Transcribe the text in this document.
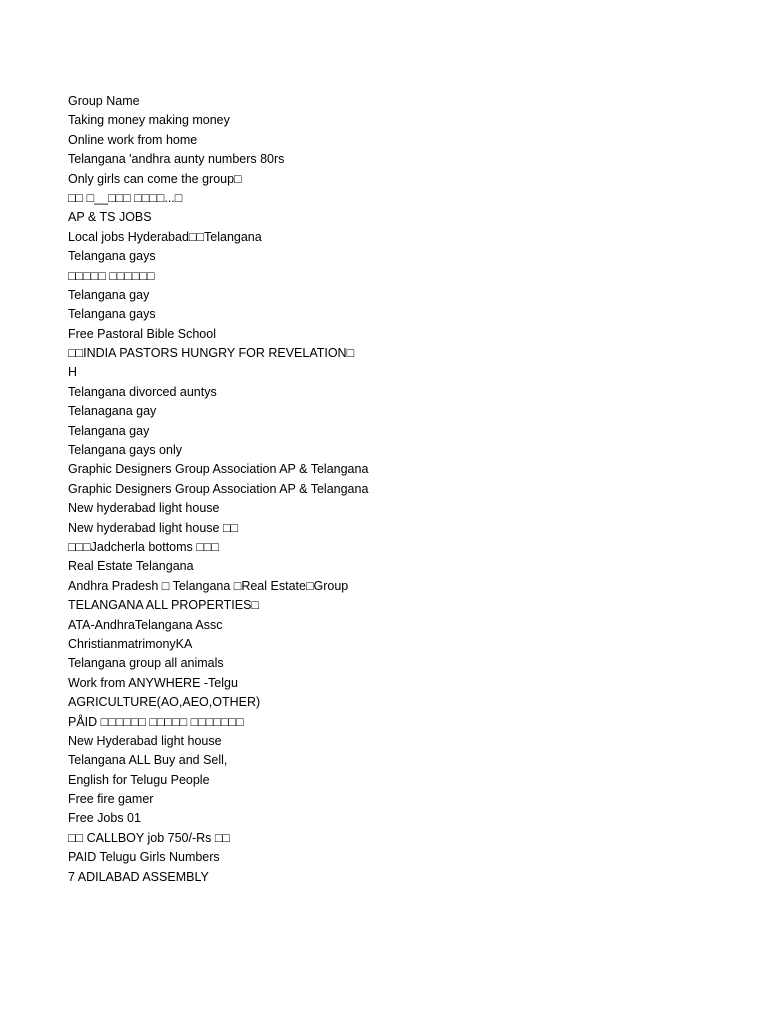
Group Name
Taking money making money
Online work from home
Telangana 'andhra aunty numbers 80rs
Only girls can come the group□
□□ □__□□□ □□□□...□
AP & TS JOBS
Local jobs Hyderabad□□Telangana
Telangana gays
□□□□□ □□□□□□
Telangana gay
Telangana gays
Free Pastoral Bible School
□□INDIA PASTORS HUNGRY FOR REVELATION□
H
Telangana divorced auntys
Telanagana gay
Telangana gay
Telangana gays only
Graphic Designers Group Association AP & Telangana
Graphic Designers Group Association AP & Telangana
New hyderabad light house
New hyderabad light house □□
□□□Jadcherla bottoms □□□
Real Estate Telangana
Andhra Pradesh □ Telangana □Real Estate□Group
TELANGANA ALL PROPERTIES□
ATA-AndhraTelangana Assc
ChristianmatrimonyKA
Telangana group all animals
Work from ANYWHERE -Telgu
AGRICULTURE(AO,AEO,OTHER)
PÅID □□□□□□ □□□□□ □□□□□□□
New Hyderabad light house
Telangana ALL Buy and Sell,
English for Telugu People
Free fire gamer
Free Jobs 01
□□ CALLBOY job 750/-Rs □□
PAID Telugu Girls Numbers
7 ADILABAD ASSEMBLY
